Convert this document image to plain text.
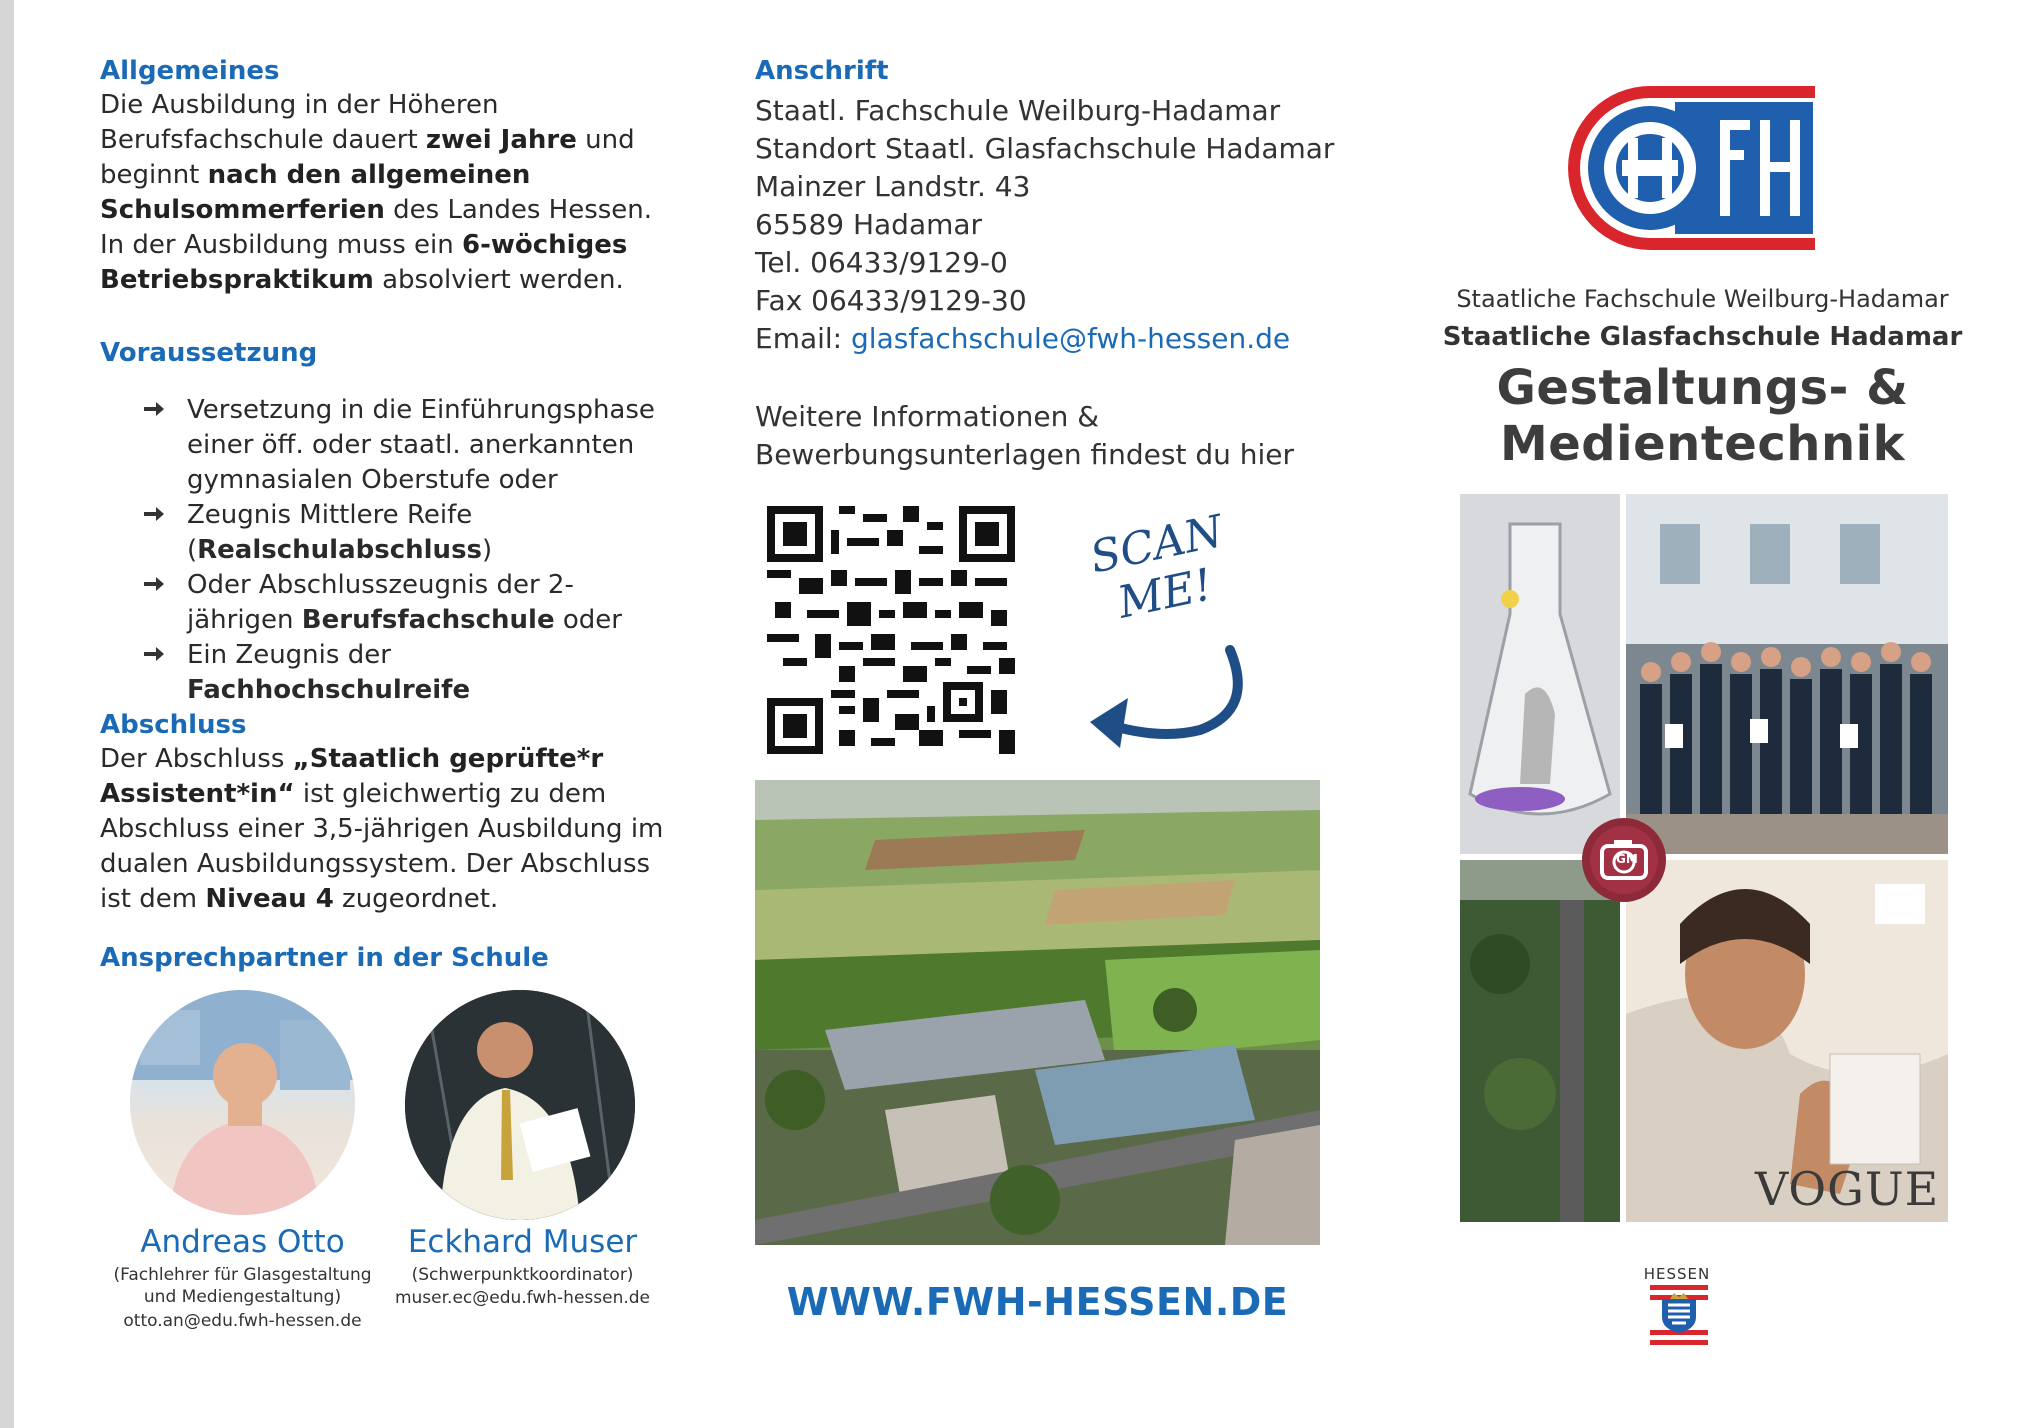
Allgemeines

Die Ausbildung in der Höheren Berufsfachschule dauert zwei Jahre und beginnt nach den allgemeinen Schulsommerferien des Landes Hessen.

In der Ausbildung muss ein 6-wöchiges Betriebspraktikum absolviert werden.

Voraussetzung
Versetzung in die Einführungsphase einer öff. oder staatl. anerkannten gymnasialen Oberstufe oder
Zeugnis Mittlere Reife (Realschulabschluss)
Oder Abschlusszeugnis der 2-jährigen Berufsfachschule oder
Ein Zeugnis der Fachhochschulreife
Abschluss

Der Abschluss „Staatlich geprüfte*r Assistent*in“ ist gleichwertig zu dem Abschluss einer 3,5-jährigen Ausbildung im dualen Ausbildungssystem. Der Abschluss ist dem Niveau 4 zugeordnet.

Ansprechpartner in der Schule
Andreas Otto
(Fachlehrer für Glasgestaltung und Mediengestaltung)
otto.an@edu.fwh-hessen.de
Eckhard Muser
(Schwerpunktkoordinator)
muser.ec@edu.fwh-hessen.de
Anschrift

Staatl. Fachschule Weilburg-Hadamar

Standort Staatl. Glasfachschule Hadamar

Mainzer Landstr. 43

65589 Hadamar

Tel. 06433/9129-0

Fax 06433/9129-30

Email: glasfachschule@fwh-hessen.de

Weitere Informationen & Bewerbungsunterlagen findest du hier

SCAN ME!
WWW.FWH-HESSEN.DE
Staatliche Fachschule Weilburg-Hadamar
Staatliche Glasfachschule Hadamar
Gestaltungs- &
Medientechnik
VOGUE
GM
HESSEN
